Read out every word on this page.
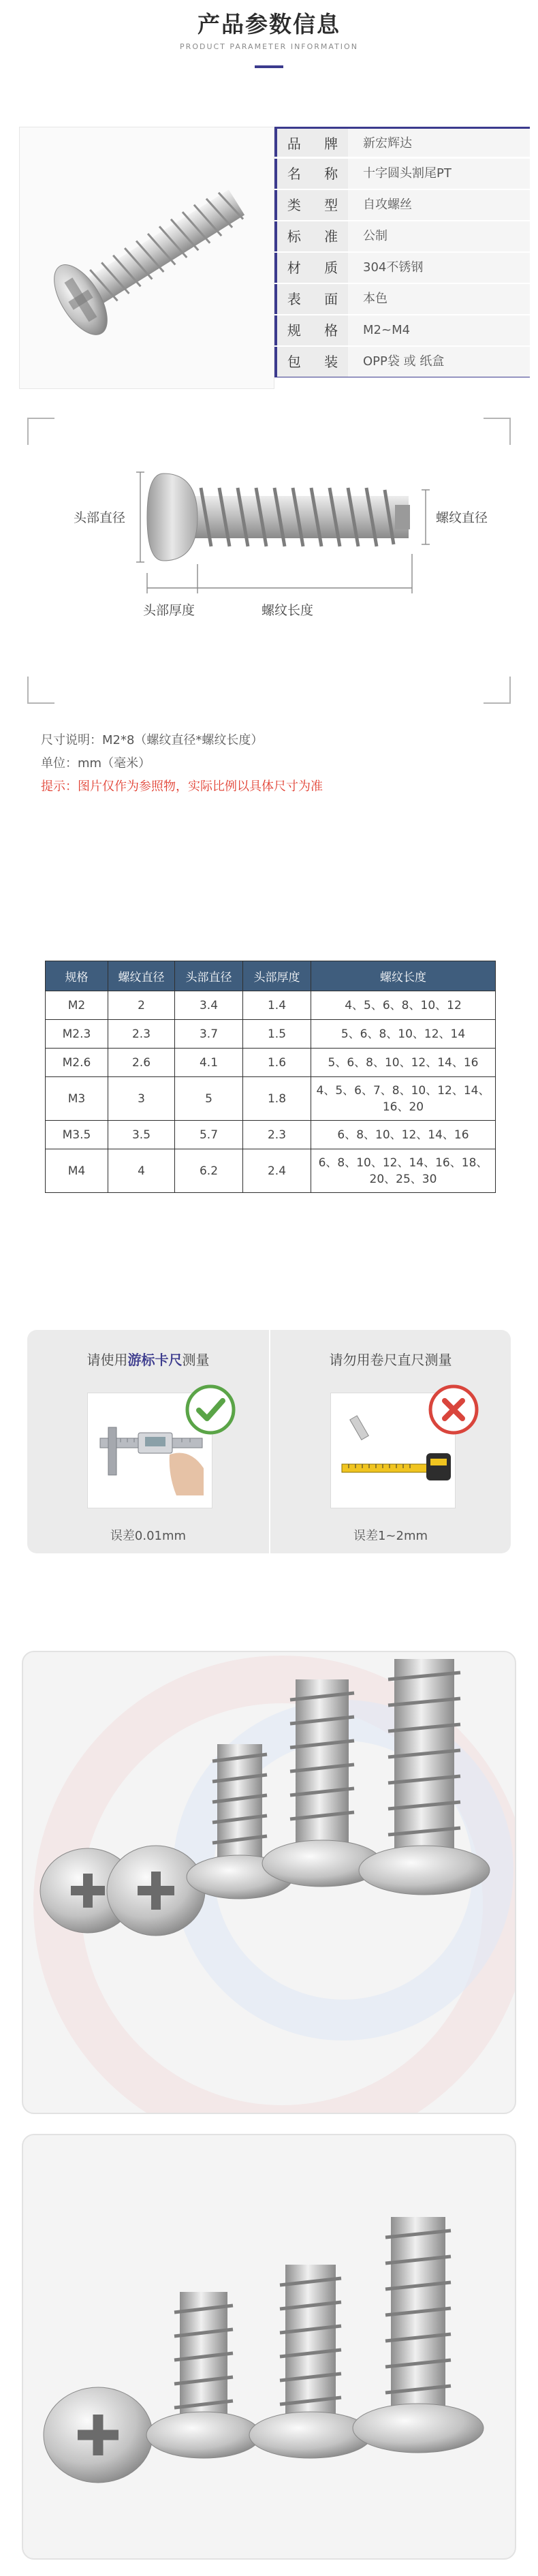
产品参数信息
PRODUCT PARAMETER INFORMATION
品 牌	新宏辉达
名 称	十字圆头割尾PT
类 型	自攻螺丝
标 准	公制
材 质	304不锈钢
表 面	本色
规 格	M2~M4
包 装	OPP袋 或 纸盒
头部直径	螺纹直径
头部厚度	螺纹长度
尺寸说明：M2*8（螺纹直径*螺纹长度）
单位：mm（毫米）
提示：图片仅作为参照物，实际比例以具体尺寸为准
规格	螺纹直径	头部直径	头部厚度	螺纹长度
M2	2	3.4	1.4	4、5、6、8、10、12
M2.3	2.3	3.7	1.5	5、6、8、10、12、14
M2.6	2.6	4.1	1.6	5、6、8、10、12、14、16
M3	3	5	1.8	4、5、6、7、8、10、12、14、16、20
M3.5	3.5	5.7	2.3	6、8、10、12、14、16
M4	4	6.2	2.4	6、8、10、12、14、16、18、20、25、30
请使用游标卡尺测量
误差0.01mm
请勿用卷尺直尺测量
误差1~2mm
